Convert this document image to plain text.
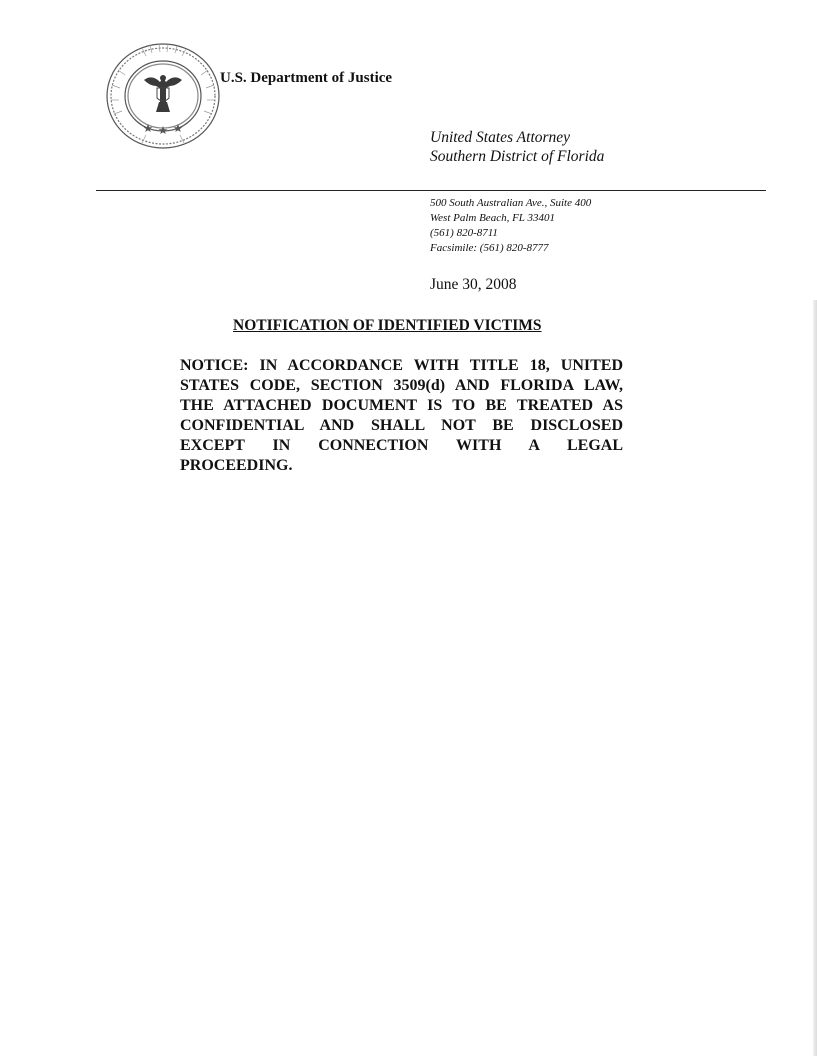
U.S. Department of Justice
United States Attorney
Southern District of Florida
500 South Australian Ave., Suite 400
West Palm Beach, FL 33401
(561) 820-8711
Facsimile: (561) 820-8777
June 30, 2008
NOTIFICATION OF IDENTIFIED VICTIMS
NOTICE: IN ACCORDANCE WITH TITLE 18, UNITED
STATES CODE, SECTION 3509(d) AND FLORIDA LAW,
THE ATTACHED DOCUMENT IS TO BE TREATED AS
CONFIDENTIAL AND SHALL NOT BE DISCLOSED
EXCEPT IN CONNECTION WITH A LEGAL
PROCEEDING.
